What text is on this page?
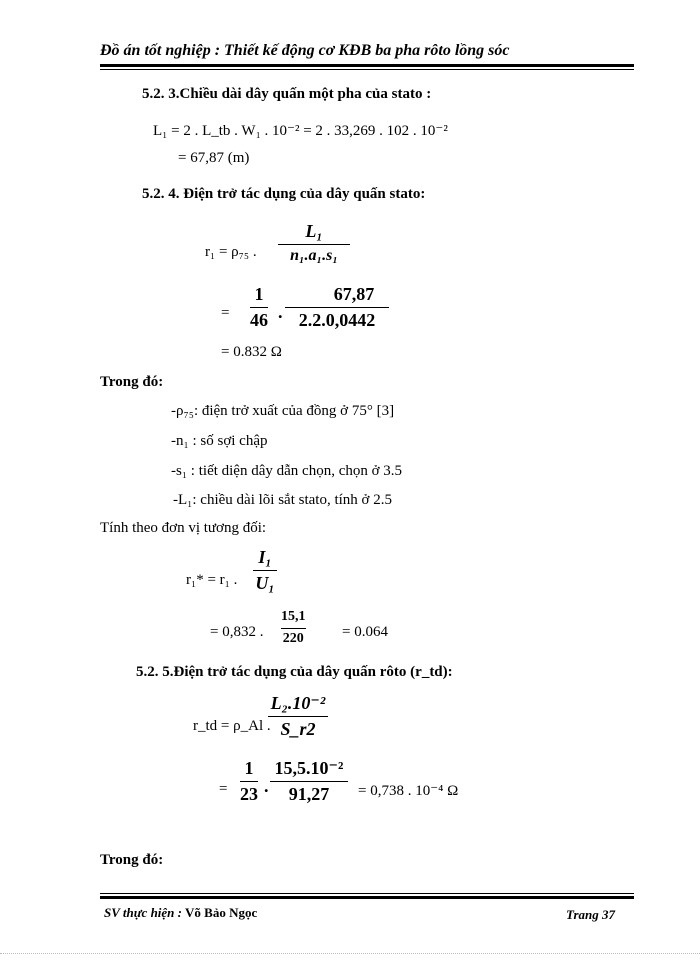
Đồ án tốt nghiệp : Thiết kế động cơ KĐB ba pha rôto lồng sóc
5.2. 3.Chiều dài dây quấn một pha của stato :
L₁ = 2 . L_tb . W₁ . 10⁻² = 2 . 33,269 . 102 . 10⁻²
= 67,87 (m)
5.2. 4. Điện trở tác dụng của dây quấn stato:
r₁ = ρ₇₅ .
L₁
n₁.a₁.s₁
=
1
46 .
67,87
2.2.0,0442
= 0.832 Ω
Trong đó:
-ρ₇₅: điện trở xuất của đồng ở 75° [3]
-n₁ : số sợi chập
-s₁ : tiết diện dây dẫn chọn, chọn ở 3.5
-L₁: chiều dài lõi sắt stato, tính ở 2.5
Tính theo đơn vị tương đối:
r₁* = r₁ .
I₁
U₁
= 0,832 .
15,1
220	= 0.064
5.2. 5.Điện trở tác dụng của dây quấn rôto (r_td):
r_td = ρ_Al .
L₂.10⁻²
S_r2
=
1
23 .
15,5.10⁻²
91,27 = 0,738 . 10⁻⁴ Ω
Trong đó:
SV thực hiện : Võ Bảo Ngọc	Trang 37
